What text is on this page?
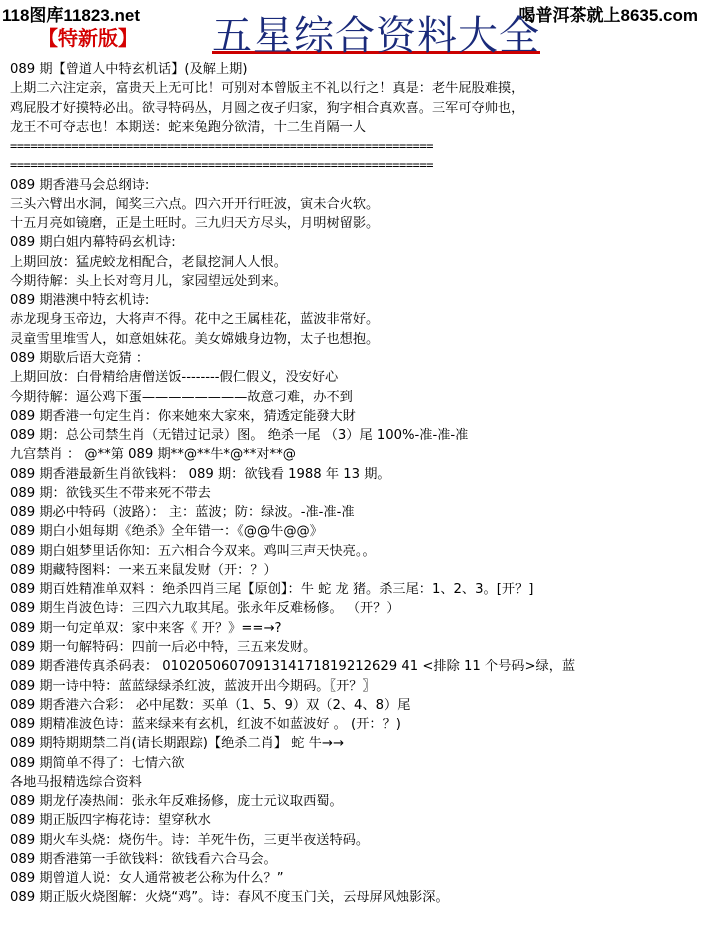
118图库11823.net	喝普洱茶就上8635.com
【特新版】 五星综合资料大全
089 期【曾道人中特玄机话】(及解上期)
上期二六注定亲，富贵天上无可比！可别对本曾版主不礼以行之！真是：老牛屁股难摸，
鸡屁股才好摸特必出。欲寻特码丛，月圆之夜孑归家，狗字相合真欢喜。三军可夺帅也，
龙王不可夺志也！本期送：蛇来兔跑分欲清，十二生肖隔一人
==============================================================
==============================================================
089 期香港马会总纲诗:
三头六臂出水洞，闻奖三六点。四六开开行旺波，寅未合火软。
十五月亮如镜磨，正是土旺时。三九归天方尽头，月明树留影。
089 期白姐内幕特码玄机诗:
上期回放：猛虎蛟龙相配合，老鼠挖洞人人恨。
今期待解：头上长对弯月儿，家园望远处到来。
089 期港澳中特玄机诗:
赤龙现身玉帝边，大将声不得。花中之王属桂花，蓝波非常好。
灵童雪里堆雪人，如意姐妹花。美女嫦娥身边物，太子也想抱。
089 期歇后语大竞猜 ：
上期回放：白骨精给唐僧送饭--------假仁假义，没安好心
今期待解：逼公鸡下蛋————————故意刁难，办不到
089 期香港一句定生肖：你来她來大家來，猜透定能發大財
089 期：总公司禁生肖（无错过记录）图。 绝杀一尾 （3）尾 100%-准-准-准
九宫禁肖 ： @**第 089 期**@**牛*@**对**@
089 期香港最新生肖欲钱料： 089 期：欲钱看 1988 年 13 期。
089 期：欲钱买生不带来死不带去
089 期必中特码（波路）： 主：蓝波；防：绿波。-准-准-准
089 期白小姐每期《绝杀》全年错一：《@@牛@@》
089 期白姐梦里话你知：五六相合今双来。鸡叫三声天快亮。。
089 期藏特图料：一来五来鼠发财（开：？）
089 期百姓精准单双料 ：绝杀四肖三尾【原创】：牛 蛇 龙 猪。杀三尾：1、2、3。[开？]
089 期生肖波色诗：三四六九取其尾。张永年反难杨修。 （开？）
089 期一句定单双：家中来客《 开？》==→?
089 期一句解特码：四前一后必中特，三五来发财。
089 期香港传真杀码表： 0102050607091314171819212629 41 <排除 11 个号码>绿，蓝
089 期一诗中特：蓝蓝绿绿杀红波，蓝波开出今期码。〖开？〗
089 期香港六合彩： 必中尾数：买单（1、5、9）双（2、4、8）尾
089 期精准波色诗：蓝来绿来有玄机，红波不如蓝波好 。 (开：？)
089 期特期期禁二肖(请长期跟踪)【绝杀二肖】 蛇 牛→→
089 期简单不得了：七情六欲
各地马报精选综合资料
089 期龙仔凑热闹：张永年反难扬修，庞士元议取西蜀。
089 期正版四字梅花诗：望穿秋水
089 期火车头烧：烧伤牛。诗：羊死牛伤，三更半夜送特码。
089 期香港第一手欲钱料：欲钱看六合马会。
089 期曾道人说：女人通常被老公称为什么？”
089 期正版火烧图解：火烧“鸡”。诗：春风不度玉门关，云母屏风烛影深。
